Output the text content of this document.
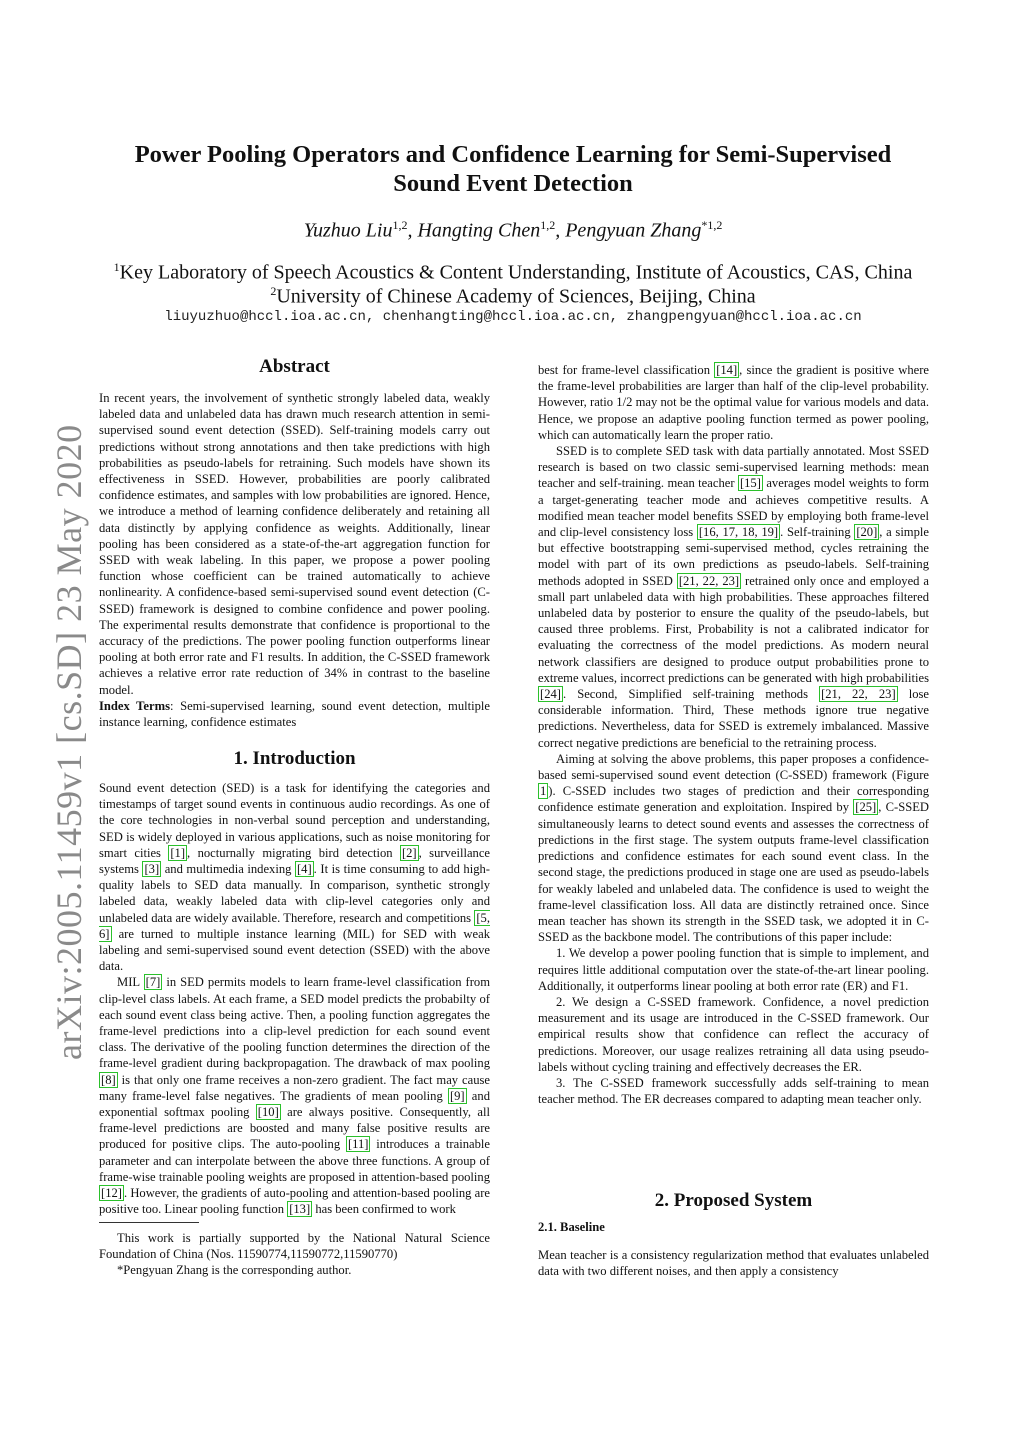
arXiv:2005.11459v1 [cs.SD] 23 May 2020
Power Pooling Operators and Confidence Learning for Semi-Supervised
Sound Event Detection
Yuzhuo Liu$^{1,2}$, Hangting Chen$^{1,2}$, Pengyuan Zhang$^{*1,2}$
$^1$Key Laboratory of Speech Acoustics & Content Understanding, Institute of Acoustics, CAS, China
$^2$University of Chinese Academy of Sciences, Beijing, China
liuyuzhuo@hccl.ioa.ac.cn, chenhangting@hccl.ioa.ac.cn, zhangpengyuan@hccl.ioa.ac.cn
Abstract

In recent years, the involvement of synthetic strongly labeled data, weakly labeled data and unlabeled data has drawn much research attention in semi-supervised sound event detection (SSED). Self-training models carry out predictions without strong annotations and then take predictions with high probabilities as pseudo-labels for retraining. Such models have shown its effectiveness in SSED. However, probabilities are poorly calibrated confidence estimates, and samples with low probabilities are ignored. Hence, we introduce a method of learning confidence deliberately and retaining all data distinctly by applying confidence as weights. Additionally, linear pooling has been considered as a state-of-the-art aggregation function for SSED with weak labeling. In this paper, we propose a power pooling function whose coefficient can be trained automatically to achieve nonlinearity. A confidence-based semi-supervised sound event detection (C-SSED) framework is designed to combine confidence and power pooling. The experimental results demonstrate that confidence is proportional to the accuracy of the predictions. The power pooling function outperforms linear pooling at both error rate and F1 results. In addition, the C-SSED framework achieves a relative error rate reduction of 34% in contrast to the baseline model.

Index Terms: Semi-supervised learning, sound event detection, multiple instance learning, confidence estimates

1. Introduction

Sound event detection (SED) is a task for identifying the categories and timestamps of target sound events in continuous audio recordings. As one of the core technologies in non-verbal sound perception and understanding, SED is widely deployed in various applications, such as noise monitoring for smart cities [1] , nocturnally migrating bird detection [2] , surveillance systems [3] and multimedia indexing [4] . It is time consuming to add high-quality labels to SED data manually. In comparison, synthetic strongly labeled data, weakly labeled data with clip-level categories only and unlabeled data are widely available. Therefore, research and competitions [5, 6] are turned to multiple instance learning (MIL) for SED with weak labeling and semi-supervised sound event detection (SSED) with the above data.

MIL [7] in SED permits models to learn frame-level classification from clip-level class labels. At each frame, a SED model predicts the probabilty of each sound event class being active. Then, a pooling function aggregates the frame-level predictions into a clip-level prediction for each sound event class. The derivative of the pooling function determines the direction of the frame-level gradient during backpropagation. The drawback of max pooling [8] is that only one frame receives a non-zero gradient. The fact may cause many frame-level false negatives. The gradients of mean pooling [9] and exponential softmax pooling [10] are always positive. Consequently, all frame-level predictions are boosted and many false positive results are produced for positive clips. The auto-pooling [11] introduces a trainable parameter and can interpolate between the above three functions. A group of frame-wise trainable pooling weights are proposed in attention-based pooling [12] . However, the gradients of auto-pooling and attention-based pooling are positive too. Linear pooling function [13] has been confirmed to work

This work is partially supported by the National Natural Science Foundation of China (Nos. 11590774,11590772,11590770)

*Pengyuan Zhang is the corresponding author.

best for frame-level classification [14] , since the gradient is positive where the frame-level probabilities are larger than half of the clip-level probability. However, ratio 1/2 may not be the optimal value for various models and data. Hence, we propose an adaptive pooling function termed as power pooling, which can automatically learn the proper ratio.

SSED is to complete SED task with data partially annotated. Most SSED research is based on two classic semi-supervised learning methods: mean teacher and self-training. mean teacher [15] averages model weights to form a target-generating teacher mode and achieves competitive results. A modified mean teacher model benefits SSED by employing both frame-level and clip-level consistency loss [16, 17, 18, 19] . Self-training [20] , a simple but effective bootstrapping semi-supervised method, cycles retraining the model with part of its own predictions as pseudo-labels. Self-training methods adopted in SSED [21, 22, 23] retrained only once and employed a small part unlabeled data with high probabilities. These approaches filtered unlabeled data by posterior to ensure the quality of the pseudo-labels, but caused three problems. First, Probability is not a calibrated indicator for evaluating the correctness of the model predictions. As modern neural network classifiers are designed to produce output probabilities prone to extreme values, incorrect predictions can be generated with high probabilities [24] . Second, Simplified self-training methods [21, 22, 23] lose considerable information. Third, These methods ignore true negative predictions. Nevertheless, data for SSED is extremely imbalanced. Massive correct negative predictions are beneficial to the retraining process.

Aiming at solving the above problems, this paper proposes a confidence-based semi-supervised sound event detection (C-SSED) framework (Figure 1 ). C-SSED includes two stages of prediction and their corresponding confidence estimate generation and exploitation. Inspired by [25] , C-SSED simultaneously learns to detect sound events and assesses the correctness of predictions in the first stage. The system outputs frame-level classification predictions and confidence estimates for each sound event class. In the second stage, the predictions produced in stage one are used as pseudo-labels for weakly labeled and unlabeled data. The confidence is used to weight the frame-level classification loss. All data are distinctly retrained once. Since mean teacher has shown its strength in the SSED task, we adopted it in C-SSED as the backbone model. The contributions of this paper include:

1. We develop a power pooling function that is simple to implement, and requires little additional computation over the state-of-the-art linear pooling. Additionally, it outperforms linear pooling at both error rate (ER) and F1.

2. We design a C-SSED framework. Confidence, a novel prediction measurement and its usage are introduced in the C-SSED framework. Our empirical results show that confidence can reflect the accuracy of predictions. Moreover, our usage realizes retraining all data using pseudo-labels without cycling training and effectively decreases the ER.

3. The C-SSED framework successfully adds self-training to mean teacher method. The ER decreases compared to adapting mean teacher only.

2. Proposed System
2.1. Baseline

Mean teacher is a consistency regularization method that evaluates unlabeled data with two different noises, and then apply a consistency
